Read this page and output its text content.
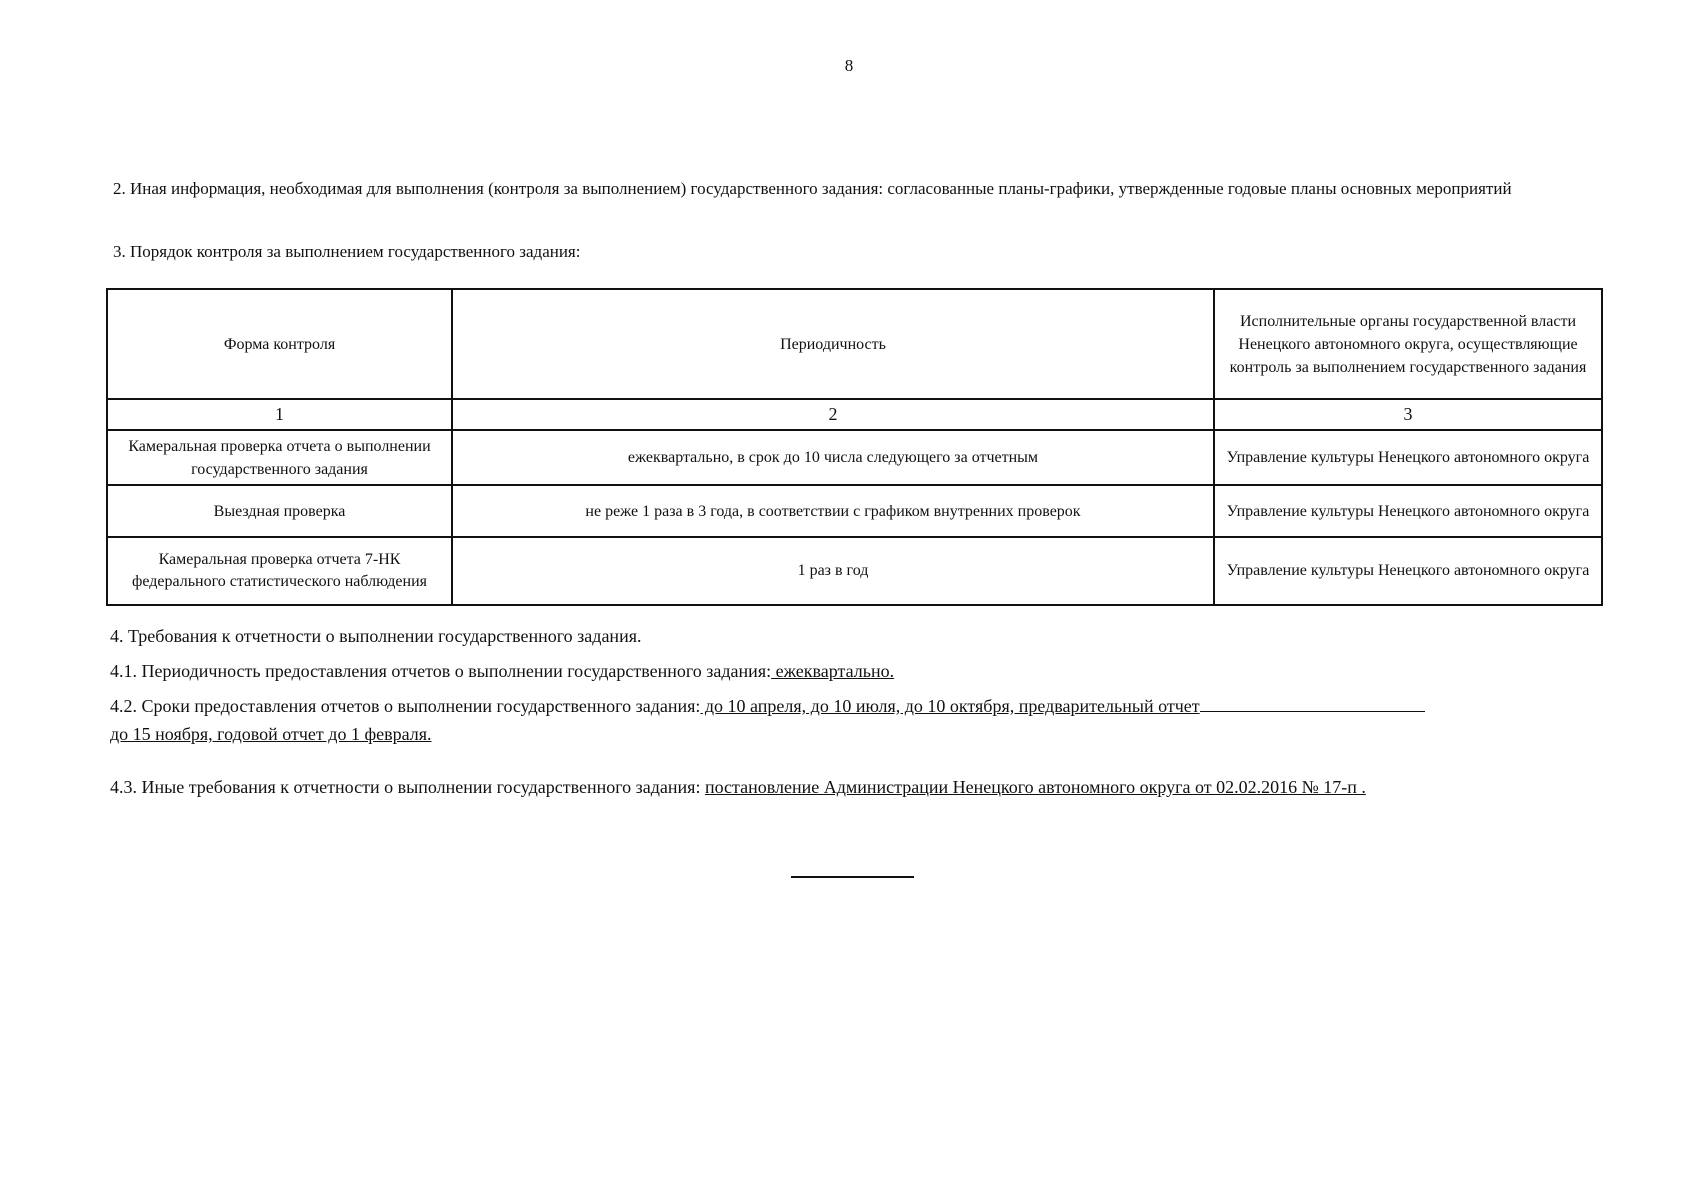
8
2. Иная информация, необходимая для выполнения (контроля за выполнением) государственного задания: согласованные планы-графики, утвержденные годовые планы основных мероприятий
3. Порядок контроля за выполнением государственного задания:
Форма контроля	Периодичность	Исполнительные органы государственной власти Ненецкого автономного округа, осуществляющие контроль за выполнением государственного задания
1	2	3
Камеральная проверка отчета о выполнении государственного задания	ежеквартально, в срок до 10 числа следующего за отчетным	Управление культуры Ненецкого автономного округа
Выездная проверка	не реже 1 раза в 3 года, в соответствии с графиком внутренних проверок	Управление культуры Ненецкого автономного округа
Камеральная проверка отчета 7-НК федерального статистического наблюдения	1 раз в год	Управление культуры Ненецкого автономного округа
4. Требования к отчетности о выполнении государственного задания.
4.1. Периодичность предоставления отчетов о выполнении государственного задания: ежеквартально.
4.2. Сроки предоставления отчетов о выполнении государственного задания: до 10 апреля, до 10 июля, до 10 октября, предварительный отчет
до 15 ноября, годовой отчет до 1 февраля.
4.3. Иные требования к отчетности о выполнении государственного задания: постановление Администрации Ненецкого автономного округа от 02.02.2016 № 17-п .
